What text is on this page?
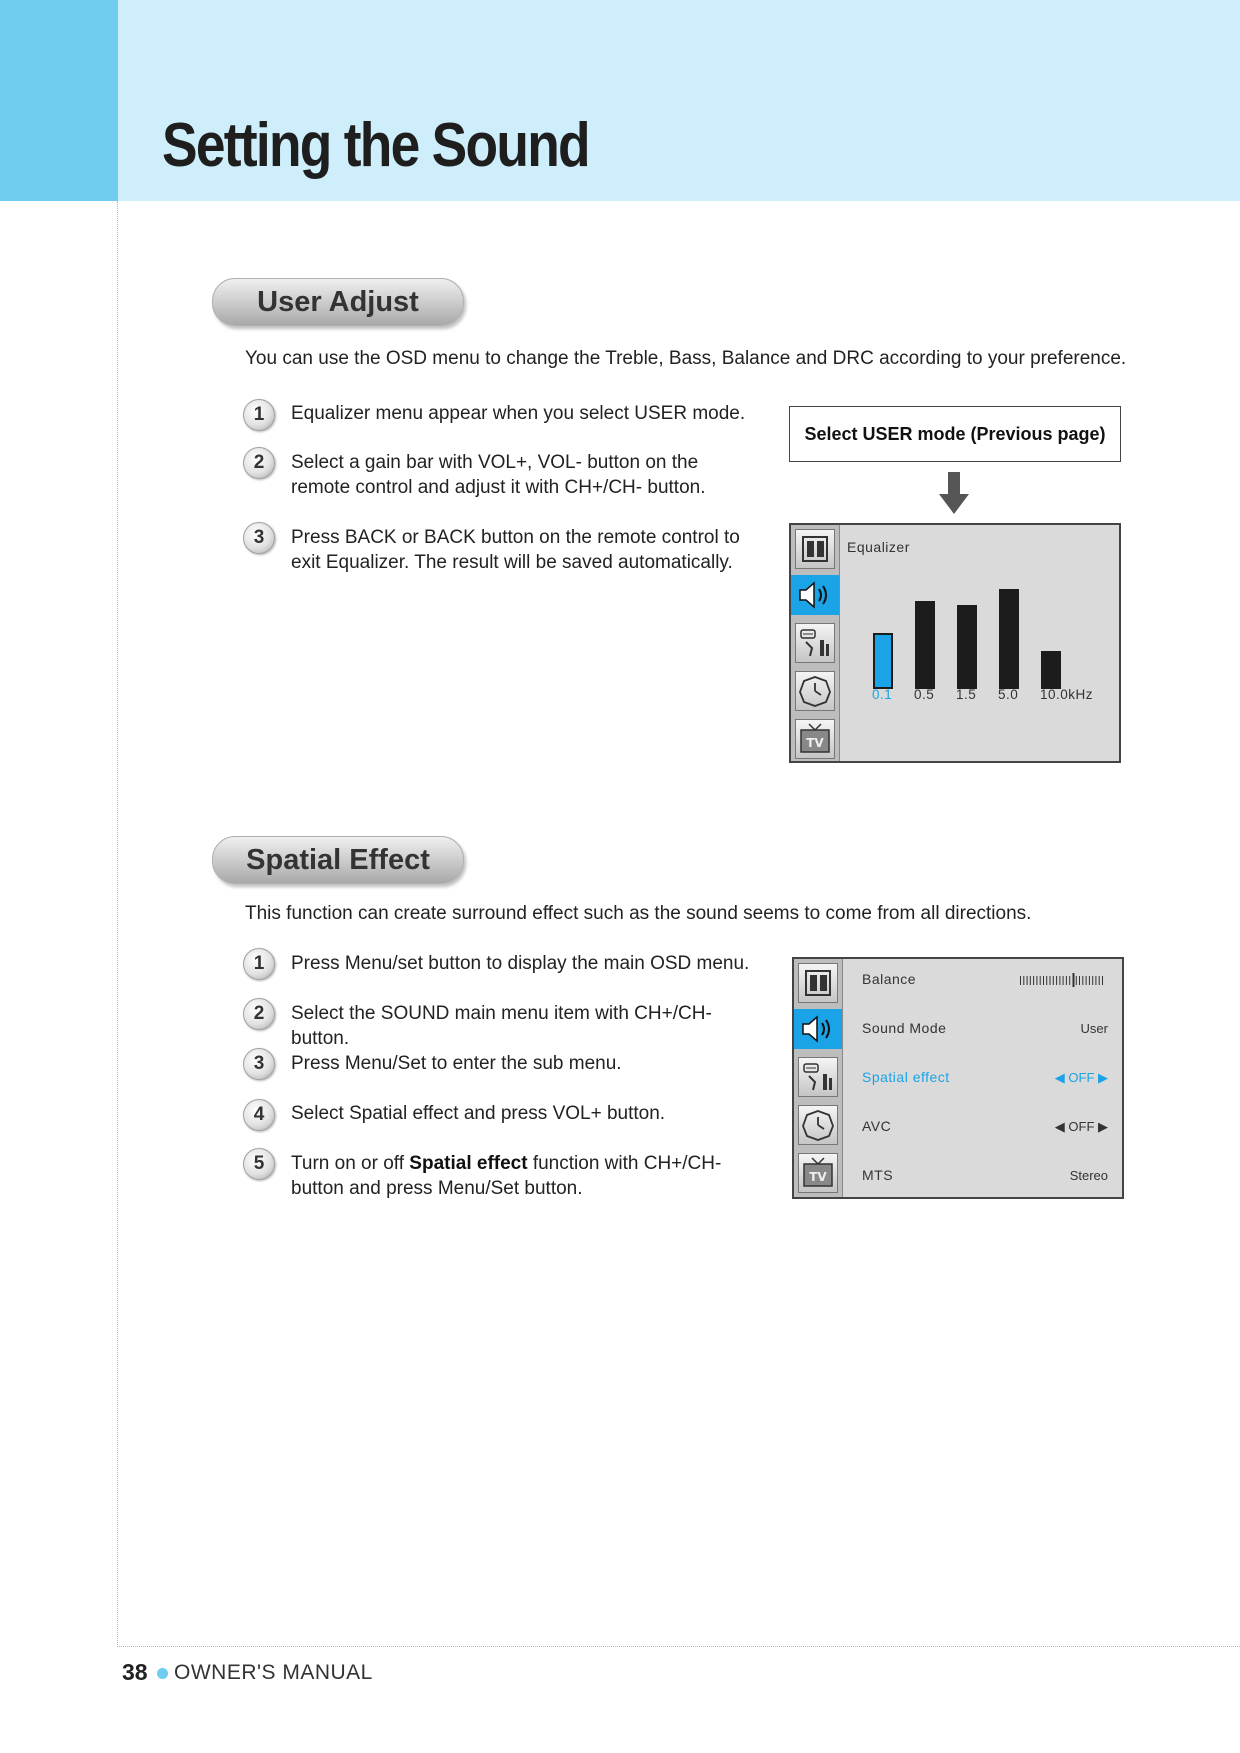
Setting the Sound
User Adjust
You can use the OSD menu to change the Treble, Bass, Balance and DRC according to your preference.
1	Equalizer menu appear when you select USER mode.
2	Select a gain bar with VOL+, VOL- button on the
remote control and adjust it with CH+/CH- button.
3	Press BACK or BACK button on the remote control to
exit Equalizer. The result will be saved automatically.
Select USER mode (Previous page)
TV
Equalizer
0.1 0.5 1.5 5.0 10.0kHz
Spatial Effect
This function can create surround effect such as the sound seems to come from all directions.
1	Press Menu/set button to display the main OSD menu.
2	Select the SOUND main menu item with CH+/CH- button.
3	Press Menu/Set to enter the sub menu.
4	Select Spatial effect and press VOL+ button.
5	Turn on or off Spatial effect function with CH+/CH-
button and press Menu/Set button.
TV
Balance
Sound Mode	User
Spatial effect	◀ OFF ▶
AVC	◀ OFF ▶
MTS	Stereo
38 OWNER'S MANUAL
